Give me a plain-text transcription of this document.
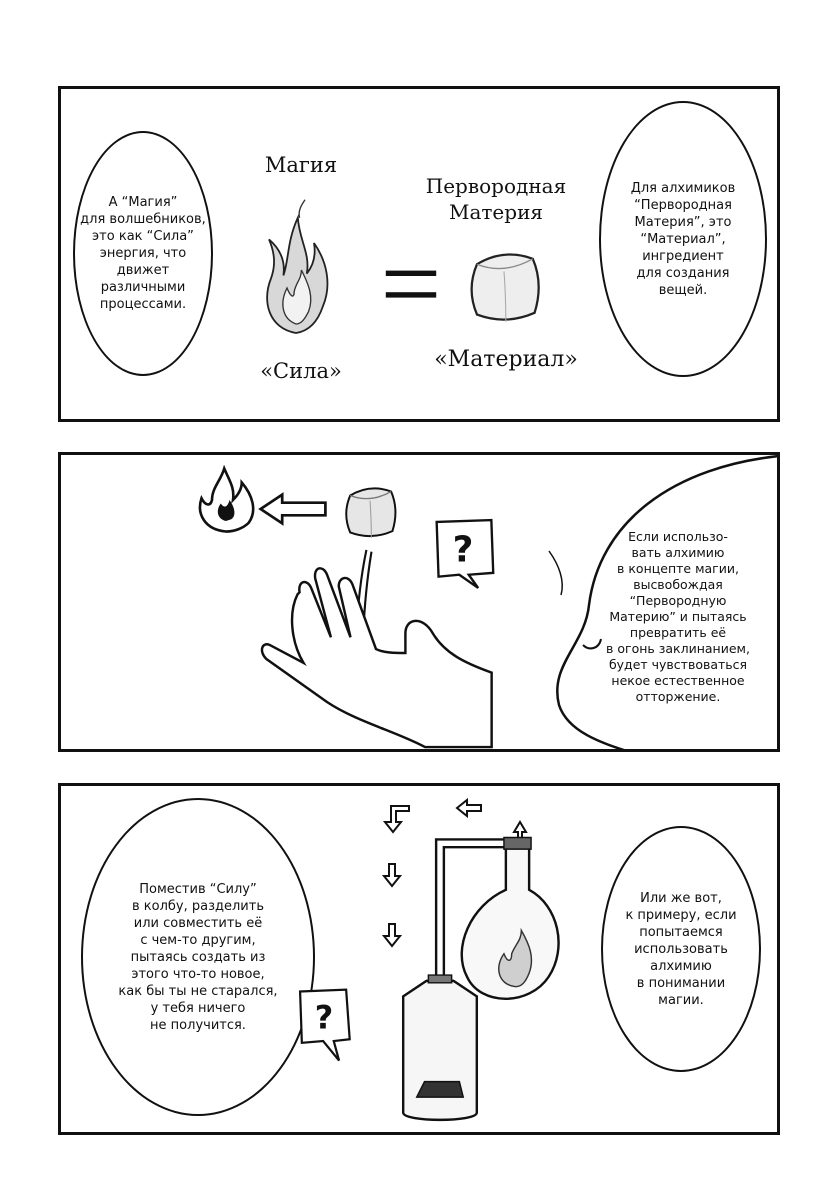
А “Магия”
для волшебников,
это как “Сила”
энергия, что
движет
различными
процессами.
Магия
«Сила»
Первородная
Материя
«Материал»
Для алхимиков
“Первородная
Материя”, это
“Материал”,
ингредиент
для создания
вещей.
?	Если использо-
вать алхимию
в концепте магии,
высвобождая
“Первородную
Материю” и пытаясь
превратить её
в огонь заклинанием,
будет чувствоваться
некое естественное
отторжение.

Поместив “Силу”
в колбу, разделить
или совместить её
с чем-то другим,
пытаясь создать из
этого что-то новое,
как бы ты не старался,
у тебя ничего
не получится.	?
Или же вот,
к примеру, если
попытаемся
использовать
алхимию
в понимании
магии.
